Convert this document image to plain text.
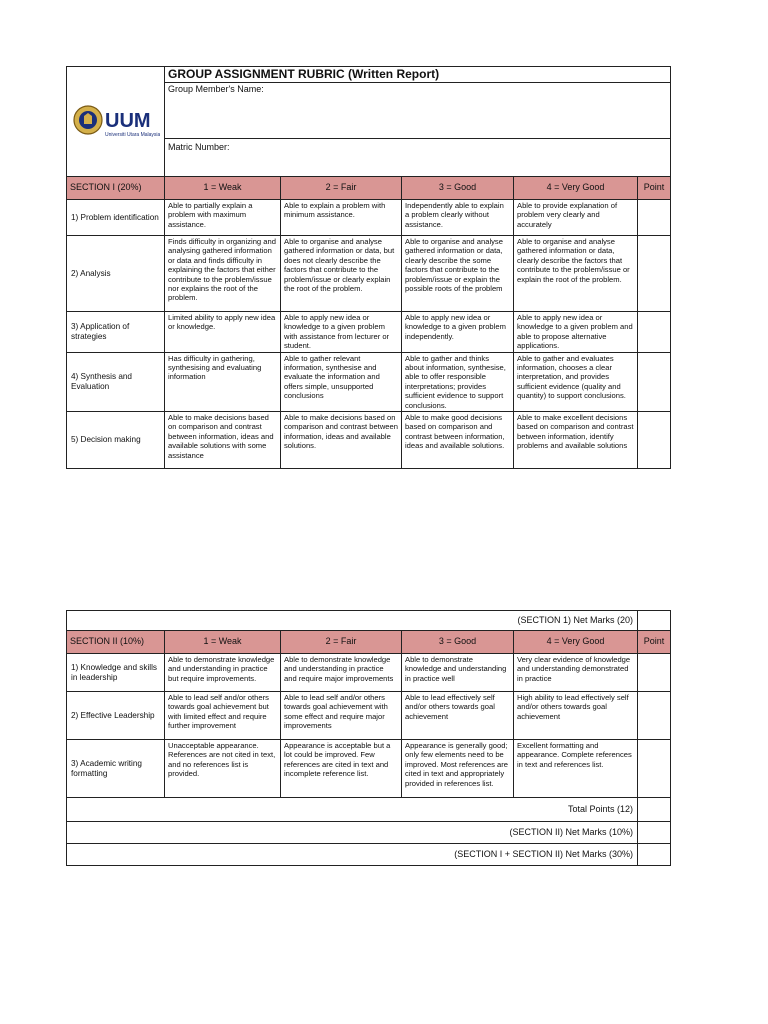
UUM
Universiti Utara Malaysia	GROUP ASSIGNMENT RUBRIC (Written Report)				
	Group Member's Name:				
	Matric Number:				
SECTION I (20%)	1 = Weak	2 = Fair	3 = Good	4 = Very Good	Point
1) Problem identification	Able to partially explain a problem with maximum assistance.	Able to explain a problem with minimum assistance.	Independently able to explain a problem clearly without assistance.	Able to provide explanation of problem very clearly and accurately	
2) Analysis	Finds difficulty in organizing and analysing gathered information or data and finds difficulty in explaining the factors that either contribute to the problem/issue nor explains the root of the problem.	Able to organise and analyse gathered information or data, but does not clearly describe the factors that contribute to the problem/issue or clearly explain the root of the problem.	Able to organise and analyse gathered information or data, clearly describe the some factors that contribute to the problem/issue or explain the possible roots of the problem	Able to organise and analyse gathered information or data, clearly describe the factors that contribute to the problem/issue or explain the root of the problem.	
3) Application of strategies	Limited ability to apply new idea or knowledge.	Able to apply new idea or knowledge to a given problem with assistance from lecturer or student.	Able to apply new idea or knowledge to a given problem independently.	Able to apply new idea or knowledge to a given problem and able to propose alternative applications.	
4) Synthesis and Evaluation	Has difficulty in gathering, synthesising and evaluating information	Able to gather relevant information, synthesise and evaluate the information and offers simple, unsupported conclusions	Able to gather and thinks about information, synthesise, able to offer responsible interpretations; provides sufficient evidence to support conclusions.	Able to gather and evaluates information, chooses a clear interpretation, and provides sufficient evidence (quality and quantity) to support conclusions.	
5) Decision making	Able to make decisions based on comparison and contrast between information, ideas and available solutions with some assistance	Able to make decisions based on comparison and contrast between information, ideas and available solutions.	Able to make good decisions based on comparison and contrast between information, ideas and available solutions.	Able to make excellent decisions based on comparison and contrast between information, identify problems and available solutions	
(SECTION 1) Net Marks (20)					
SECTION II (10%)	1 = Weak	2 = Fair	3 = Good	4 = Very Good	Point
1) Knowledge and skills in leadership	Able to demonstrate knowledge and understanding in practice but require improvements.	Able to demonstrate knowledge and understanding in practice and require major improvements	Able to demonstrate knowledge and understanding in practice well	Very clear evidence of knowledge and understanding demonstrated in practice	
2) Effective Leadership	Able to lead self and/or others towards goal achievement but with limited effect and require further improvement	Able to lead self and/or others towards goal achievement with some effect and require major improvements	Able to lead effectively self and/or others towards goal achievement	High ability to lead effectively self and/or others towards goal achievement	
3) Academic writing formatting	Unacceptable appearance. References are not cited in text, and no references list is provided.	Appearance is acceptable but a lot could be improved. Few references are cited in text and incomplete reference list.	Appearance is generally good; only few elements need to be improved. Most references are cited in text and appropriately provided in references list.	Excellent formatting and appearance. Complete references in text and references list.	
Total Points (12)					
(SECTION II) Net Marks (10%)					
(SECTION I + SECTION II) Net Marks (30%)					
